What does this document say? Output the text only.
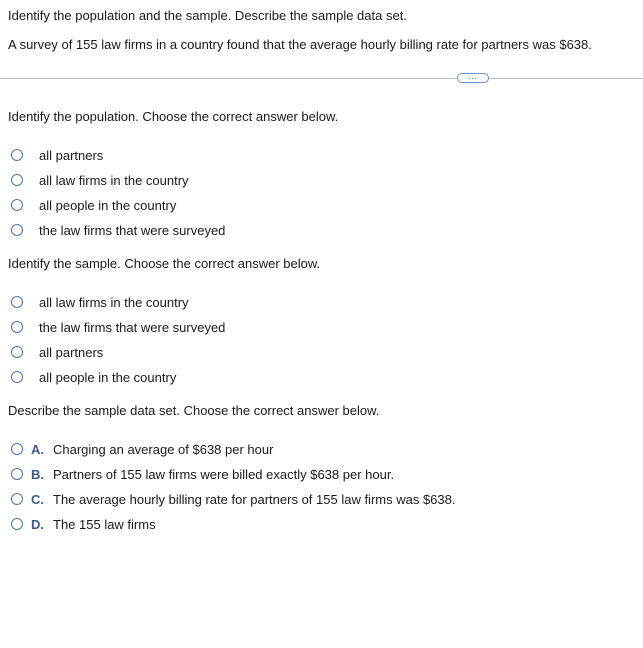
Identify the population and the sample. Describe the sample data set.
A survey of 155 law firms in a country found that the average hourly billing rate for partners was $638.
…
Identify the population. Choose the correct answer below.
all partners
all law firms in the country
all people in the country
the law firms that were surveyed
Identify the sample. Choose the correct answer below.
all law firms in the country
the law firms that were surveyed
all partners
all people in the country
Describe the sample data set. Choose the correct answer below.
A. Charging an average of $638 per hour
B. Partners of 155 law firms were billed exactly $638 per hour.
C. The average hourly billing rate for partners of 155 law firms was $638.
D. The 155 law firms
